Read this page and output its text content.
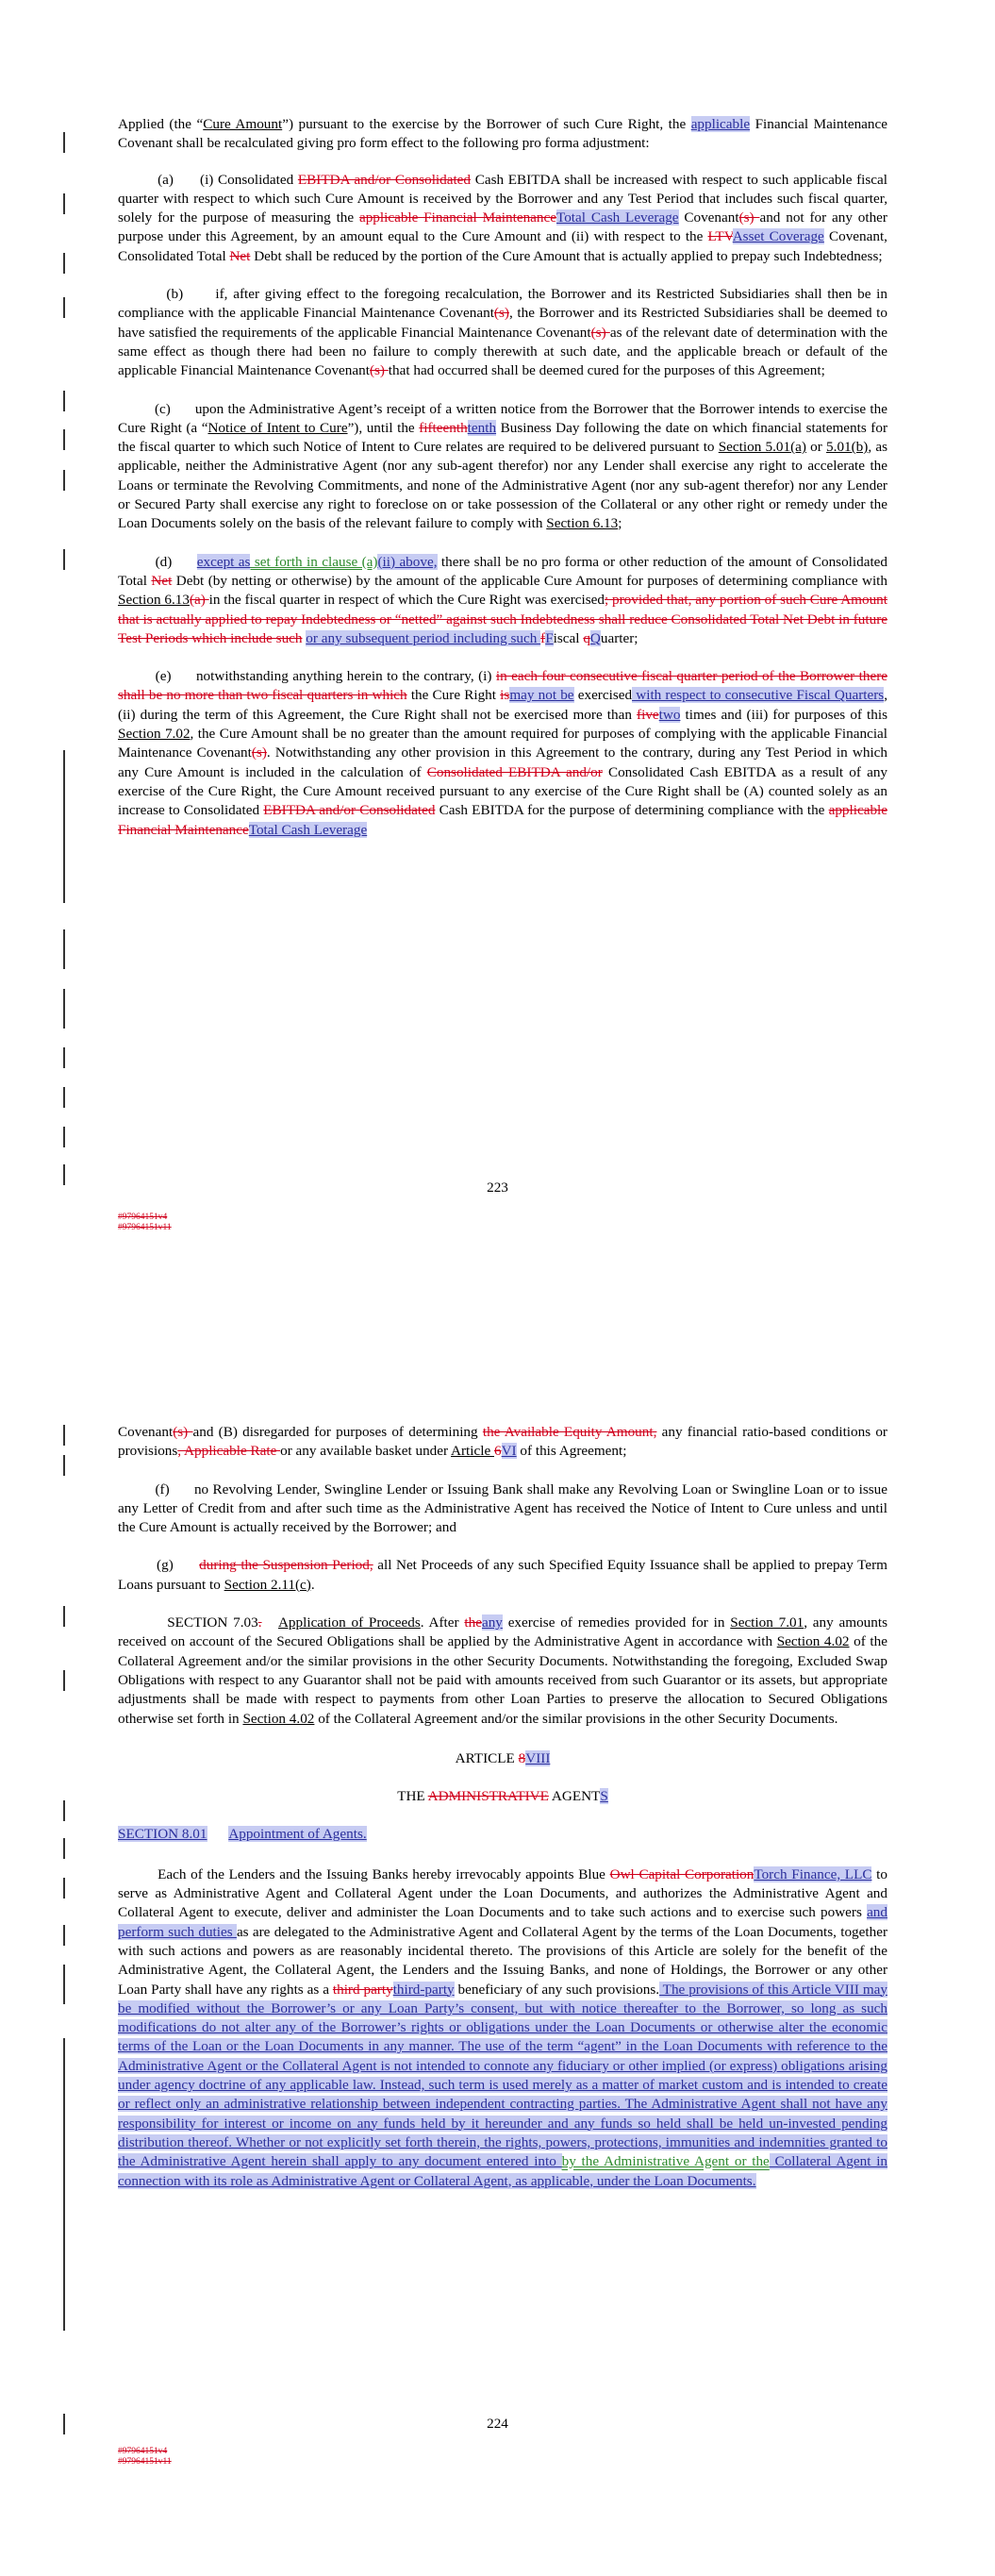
Applied (the “Cure Amount”) pursuant to the exercise by the Borrower of such Cure Right, the applicable Financial Maintenance Covenant shall be recalculated giving pro form effect to the following pro forma adjustment:

(a)      (i) Consolidated EBITDA and/or Consolidated Cash EBITDA shall be increased with respect to such applicable fiscal quarter with respect to which such Cure Amount is received by the Borrower and any Test Period that includes such fiscal quarter, solely for the purpose of measuring the applicable Financial MaintenanceTotal Cash Leverage Covenant(s) and not for any other purpose under this Agreement, by an amount equal to the Cure Amount and (ii) with respect to the LTVAsset Coverage Covenant, Consolidated Total Net Debt shall be reduced by the portion of the Cure Amount that is actually applied to prepay such Indebtedness;

(b)      if, after giving effect to the foregoing recalculation, the Borrower and its Restricted Subsidiaries shall then be in compliance with the applicable Financial Maintenance Covenant(s), the Borrower and its Restricted Subsidiaries shall be deemed to have satisfied the requirements of the applicable Financial Maintenance Covenant(s) as of the relevant date of determination with the same effect as though there had been no failure to comply therewith at such date, and the applicable breach or default of the applicable Financial Maintenance Covenant(s) that had occurred shall be deemed cured for the purposes of this Agreement;

(c)      upon the Administrative Agent’s receipt of a written notice from the Borrower that the Borrower intends to exercise the Cure Right (a “Notice of Intent to Cure”), until the fifteenthtenth Business Day following the date on which financial statements for the fiscal quarter to which such Notice of Intent to Cure relates are required to be delivered pursuant to Section 5.01(a) or 5.01(b), as applicable, neither the Administrative Agent (nor any sub-agent therefor) nor any Lender shall exercise any right to accelerate the Loans or terminate the Revolving Commitments, and none of the Administrative Agent (nor any sub-agent therefor) nor any Lender or Secured Party shall exercise any right to foreclose on or take possession of the Collateral or any other right or remedy under the Loan Documents solely on the basis of the relevant failure to comply with Section 6.13;

(d)      except as set forth in clause (a)(ii) above, there shall be no pro forma or other reduction of the amount of Consolidated Total Net Debt (by netting or otherwise) by the amount of the applicable Cure Amount for purposes of determining compliance with Section 6.13(a) in the fiscal quarter in respect of which the Cure Right was exercised; provided that, any portion of such Cure Amount that is actually applied to repay Indebtedness or “netted” against such Indebtedness shall reduce Consolidated Total Net Debt in future Test Periods which include such or any subsequent period including such fFiscal qQuarter;

(e)      notwithstanding anything herein to the contrary, (i) in each four consecutive fiscal quarter period of the Borrower there shall be no more than two fiscal quarters in which the Cure Right ismay not be exercised with respect to consecutive Fiscal Quarters, (ii) during the term of this Agreement, the Cure Right shall not be exercised more than fivetwo times and (iii) for purposes of this Section 7.02, the Cure Amount shall be no greater than the amount required for purposes of complying with the applicable Financial Maintenance Covenant(s). Notwithstanding any other provision in this Agreement to the contrary, during any Test Period in which any Cure Amount is included in the calculation of Consolidated EBITDA and/or Consolidated Cash EBITDA as a result of any exercise of the Cure Right, the Cure Amount received pursuant to any exercise of the Cure Right shall be (A) counted solely as an increase to Consolidated EBITDA and/or Consolidated Cash EBITDA for the purpose of determining compliance with the applicable Financial MaintenanceTotal Cash Leverage

223
#97964151v4
#97964151v11

Covenant(s) and (B) disregarded for purposes of determining the Available Equity Amount, any financial ratio-based conditions or provisions, Applicable Rate or any available basket under Article 6VI of this Agreement;

(f)      no Revolving Lender, Swingline Lender or Issuing Bank shall make any Revolving Loan or Swingline Loan or to issue any Letter of Credit from and after such time as the Administrative Agent has received the Notice of Intent to Cure unless and until the Cure Amount is actually received by the Borrower; and

(g)      during the Suspension Period, all Net Proceeds of any such Specified Equity Issuance shall be applied to prepay Term Loans pursuant to Section 2.11(c).

SECTION 7.03. Application of Proceeds. After theany exercise of remedies provided for in Section 7.01, any amounts received on account of the Secured Obligations shall be applied by the Administrative Agent in accordance with Section 4.02 of the Collateral Agreement and/or the similar provisions in the other Security Documents. Notwithstanding the foregoing, Excluded Swap Obligations with respect to any Guarantor shall not be paid with amounts received from such Guarantor or its assets, but appropriate adjustments shall be made with respect to payments from other Loan Parties to preserve the allocation to Secured Obligations otherwise set forth in Section 4.02 of the Collateral Agreement and/or the similar provisions in the other Security Documents.

ARTICLE 8VIII

THE ADMINISTRATIVE AGENTS

SECTION 8.01 Appointment of Agents.

Each of the Lenders and the Issuing Banks hereby irrevocably appoints Blue Owl Capital CorporationTorch Finance, LLC to serve as Administrative Agent and Collateral Agent under the Loan Documents, and authorizes the Administrative Agent and Collateral Agent to execute, deliver and administer the Loan Documents and to take such actions and to exercise such powers and perform such duties as are delegated to the Administrative Agent and Collateral Agent by the terms of the Loan Documents, together with such actions and powers as are reasonably incidental thereto. The provisions of this Article are solely for the benefit of the Administrative Agent, the Collateral Agent, the Lenders and the Issuing Banks, and none of Holdings, the Borrower or any other Loan Party shall have any rights as a third partythird-party beneficiary of any such provisions. The provisions of this Article VIII may be modified without the Borrower’s or any Loan Party’s consent, but with notice thereafter to the Borrower, so long as such modifications do not alter any of the Borrower’s rights or obligations under the Loan Documents or otherwise alter the economic terms of the Loan or the Loan Documents in any manner. The use of the term “agent” in the Loan Documents with reference to the Administrative Agent or the Collateral Agent is not intended to connote any fiduciary or other implied (or express) obligations arising under agency doctrine of any applicable law. Instead, such term is used merely as a matter of market custom and is intended to create or reflect only an administrative relationship between independent contracting parties. The Administrative Agent shall not have any responsibility for interest or income on any funds held by it hereunder and any funds so held shall be held un-invested pending distribution thereof. Whether or not explicitly set forth therein, the rights, powers, protections, immunities and indemnities granted to the Administrative Agent herein shall apply to any document entered into by the Administrative Agent or the Collateral Agent in connection with its role as Administrative Agent or Collateral Agent, as applicable, under the Loan Documents.

224
#97964151v4
#97964151v11
